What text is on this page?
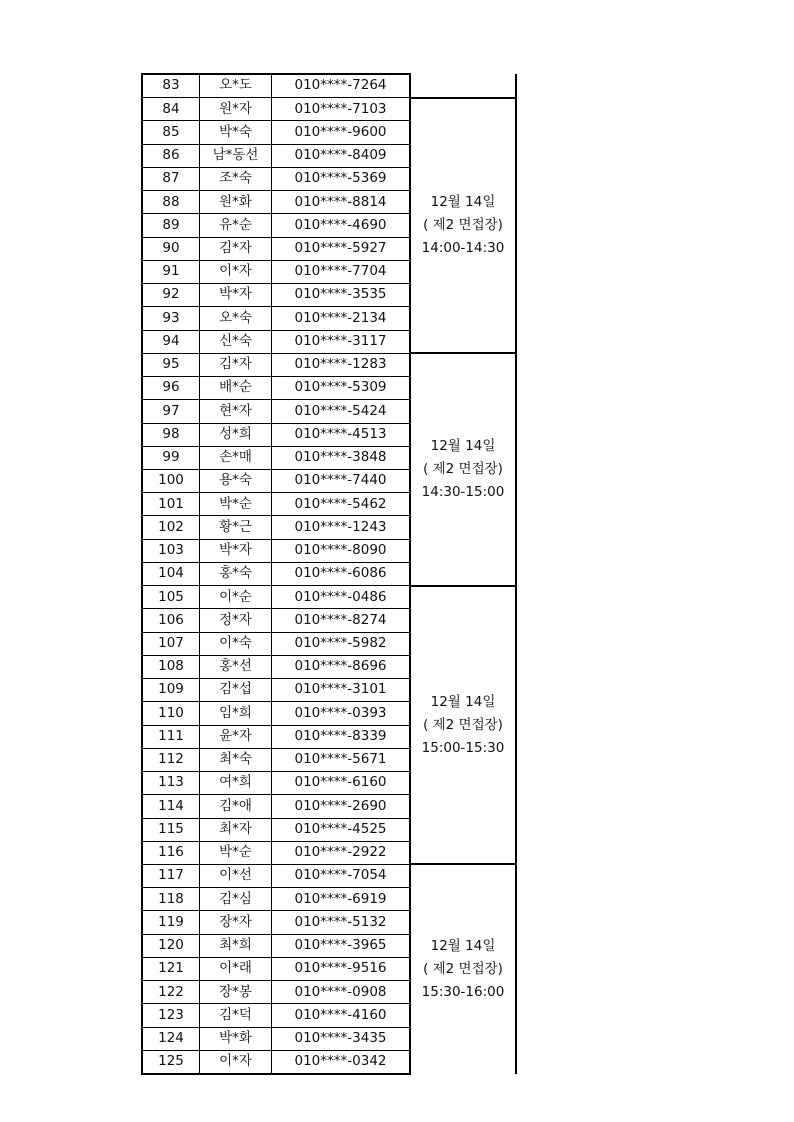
83	오*도	010****-7264	
84	원*자	010****-7103	12월 14일
( 제2 면접장)
14:00-14:30

85	박*숙	010****-9600	
86	남*동선	010****-8409	
87	조*숙	010****-5369	
88	원*화	010****-8814	
89	유*순	010****-4690	
90	김*자	010****-5927	
91	이*자	010****-7704	
92	박*자	010****-3535	
93	오*숙	010****-2134	
94	신*숙	010****-3117	
95	김*자	010****-1283	12월 14일
( 제2 면접장)
14:30-15:00

96	배*순	010****-5309	
97	현*자	010****-5424	
98	성*희	010****-4513	
99	손*매	010****-3848	
100	용*숙	010****-7440	
101	박*순	010****-5462	
102	황*근	010****-1243	
103	박*자	010****-8090	
104	홍*숙	010****-6086	
105	이*순	010****-0486	12월 14일
( 제2 면접장)
15:00-15:30

106	정*자	010****-8274	
107	이*숙	010****-5982	
108	홍*선	010****-8696	
109	김*섭	010****-3101	
110	임*희	010****-0393	
111	윤*자	010****-8339	
112	최*숙	010****-5671	
113	여*희	010****-6160	
114	김*애	010****-2690	
115	최*자	010****-4525	
116	박*순	010****-2922	
117	이*선	010****-7054	12월 14일
( 제2 면접장)
15:30-16:00

118	김*심	010****-6919	
119	장*자	010****-5132	
120	최*희	010****-3965	
121	이*래	010****-9516	
122	장*봉	010****-0908	
123	김*덕	010****-4160	
124	박*화	010****-3435	
125	이*자	010****-0342	
